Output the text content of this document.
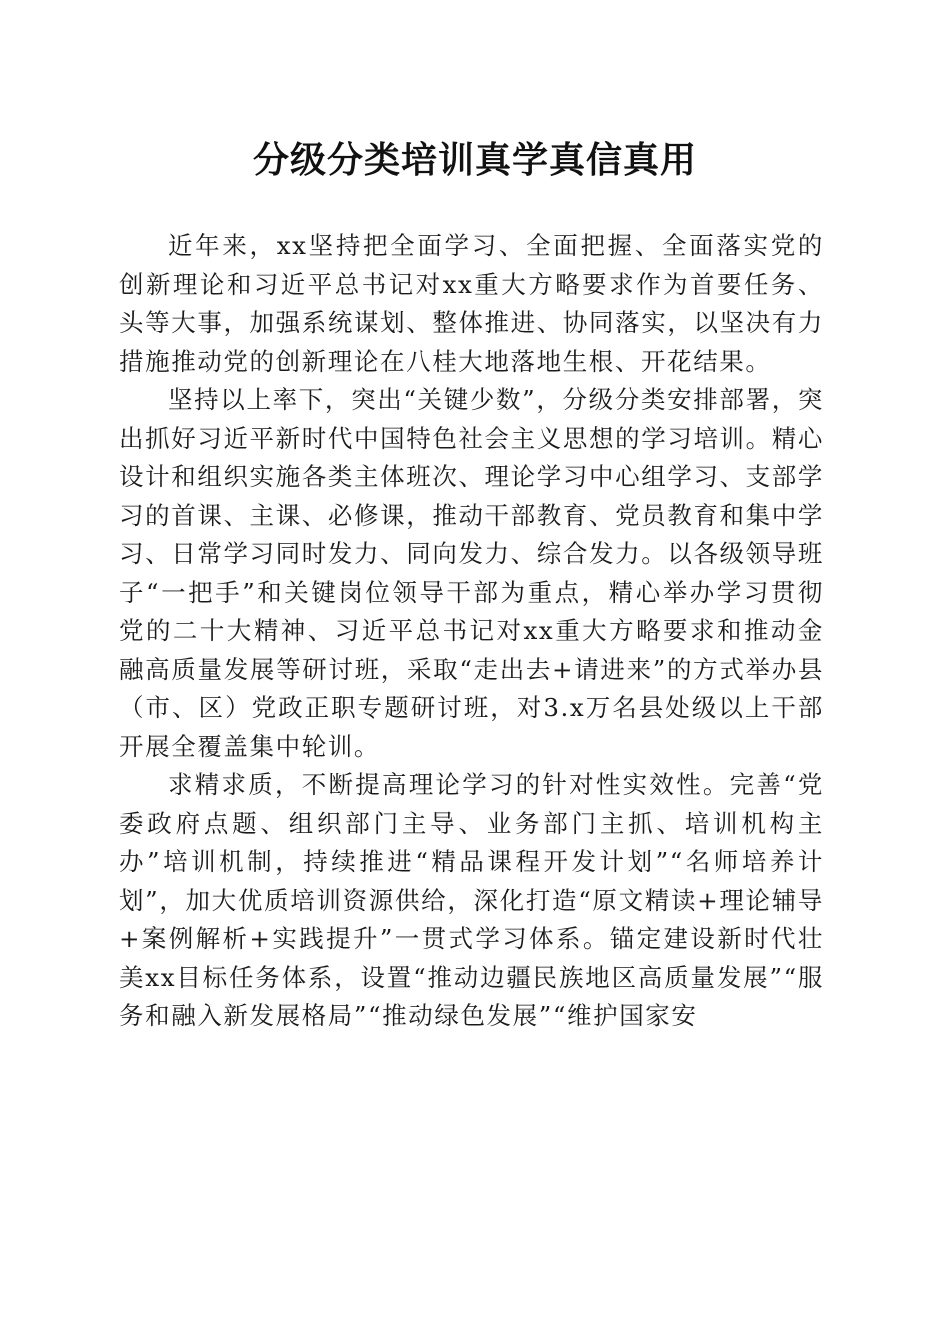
分级分类培训真学真信真用

近年来，xx坚持把全面学习、全面把握、全面落实党的创新理论和习近平总书记对xx重大方略要求作为首要任务、头等大事，加强系统谋划、整体推进、协同落实，以坚决有力措施推动党的创新理论在八桂大地落地生根、开花结果。

坚持以上率下，突出“关键少数”，分级分类安排部署，突出抓好习近平新时代中国特色社会主义思想的学习培训。精心设计和组织实施各类主体班次、理论学习中心组学习、支部学习的首课、主课、必修课，推动干部教育、党员教育和集中学习、日常学习同时发力、同向发力、综合发力。以各级领导班子“一把手”和关键岗位领导干部为重点，精心举办学习贯彻党的二十大精神、习近平总书记对xx重大方略要求和推动金融高质量发展等研讨班，采取“走出去+请进来”的方式举办县（市、区）党政正职专题研讨班，对3.x万名县处级以上干部开展全覆盖集中轮训。

求精求质，不断提高理论学习的针对性实效性。完善“党委政府点题、组织部门主导、业务部门主抓、培训机构主办”培训机制，持续推进“精品课程开发计划”“名师培养计划”，加大优质培训资源供给，深化打造“原文精读+理论辅导+案例解析+实践提升”一贯式学习体系。锚定建设新时代壮美xx目标任务体系，设置“推动边疆民族地区高质量发展”“服务和融入新发展格局”“推动绿色发展”“维护国家安
